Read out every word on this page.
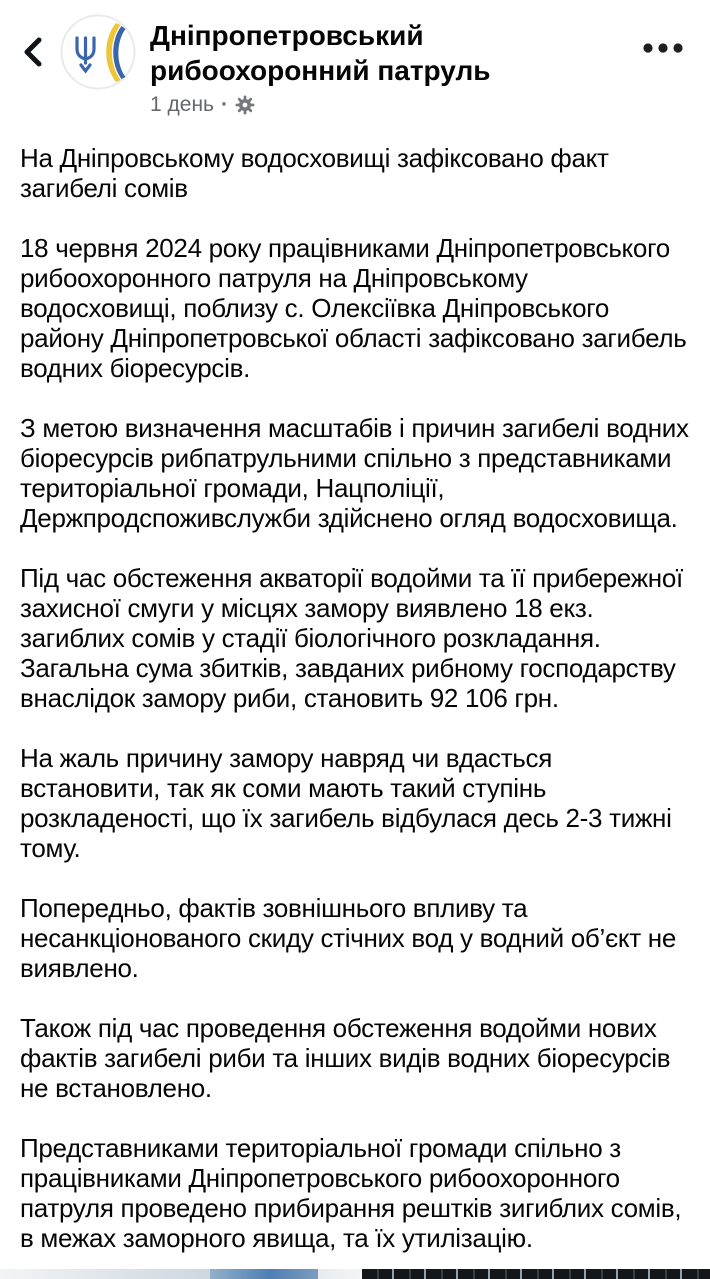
Дніпропетровський рибоохоронний патруль
1 день ·

На Дніпровському водосховищі зафіксовано факт загибелі сомів

18 червня 2024 року працівниками Дніпропетровського рибоохоронного патруля на Дніпровському водосховищі, поблизу с. Олексіївка Дніпровського району Дніпропетровської області зафіксовано загибель водних біоресурсів.

З метою визначення масштабів і причин загибелі водних біоресурсів рибпатрульними спільно з представниками територіальної громади, Нацполіції, Держпродспоживслужби здійснено огляд водосховища.

Під час обстеження акваторії водойми та її прибережної захисної смуги у місцях замору виявлено 18 екз. загиблих сомів у стадії біологічного розкладання. Загальна сума збитків, завданих рибному господарству внаслідок замору риби, становить 92 106 грн.

На жаль причину замору навряд чи вдасться встановити, так як соми мають такий ступінь розкладеності, що їх загибель відбулася десь 2-3 тижні тому.

Попередньо, фактів зовнішнього впливу та несанкціонованого скиду стічних вод у водний об’єкт не виявлено.

Також під час проведення обстеження водойми нових фактів загибелі риби та інших видів водних біоресурсів не встановлено.

Представниками територіальної громади спільно з працівниками Дніпропетровського рибоохоронного патруля проведено прибирання рештків зигиблих сомів, в межах заморного явища, та їх утилізацію.
